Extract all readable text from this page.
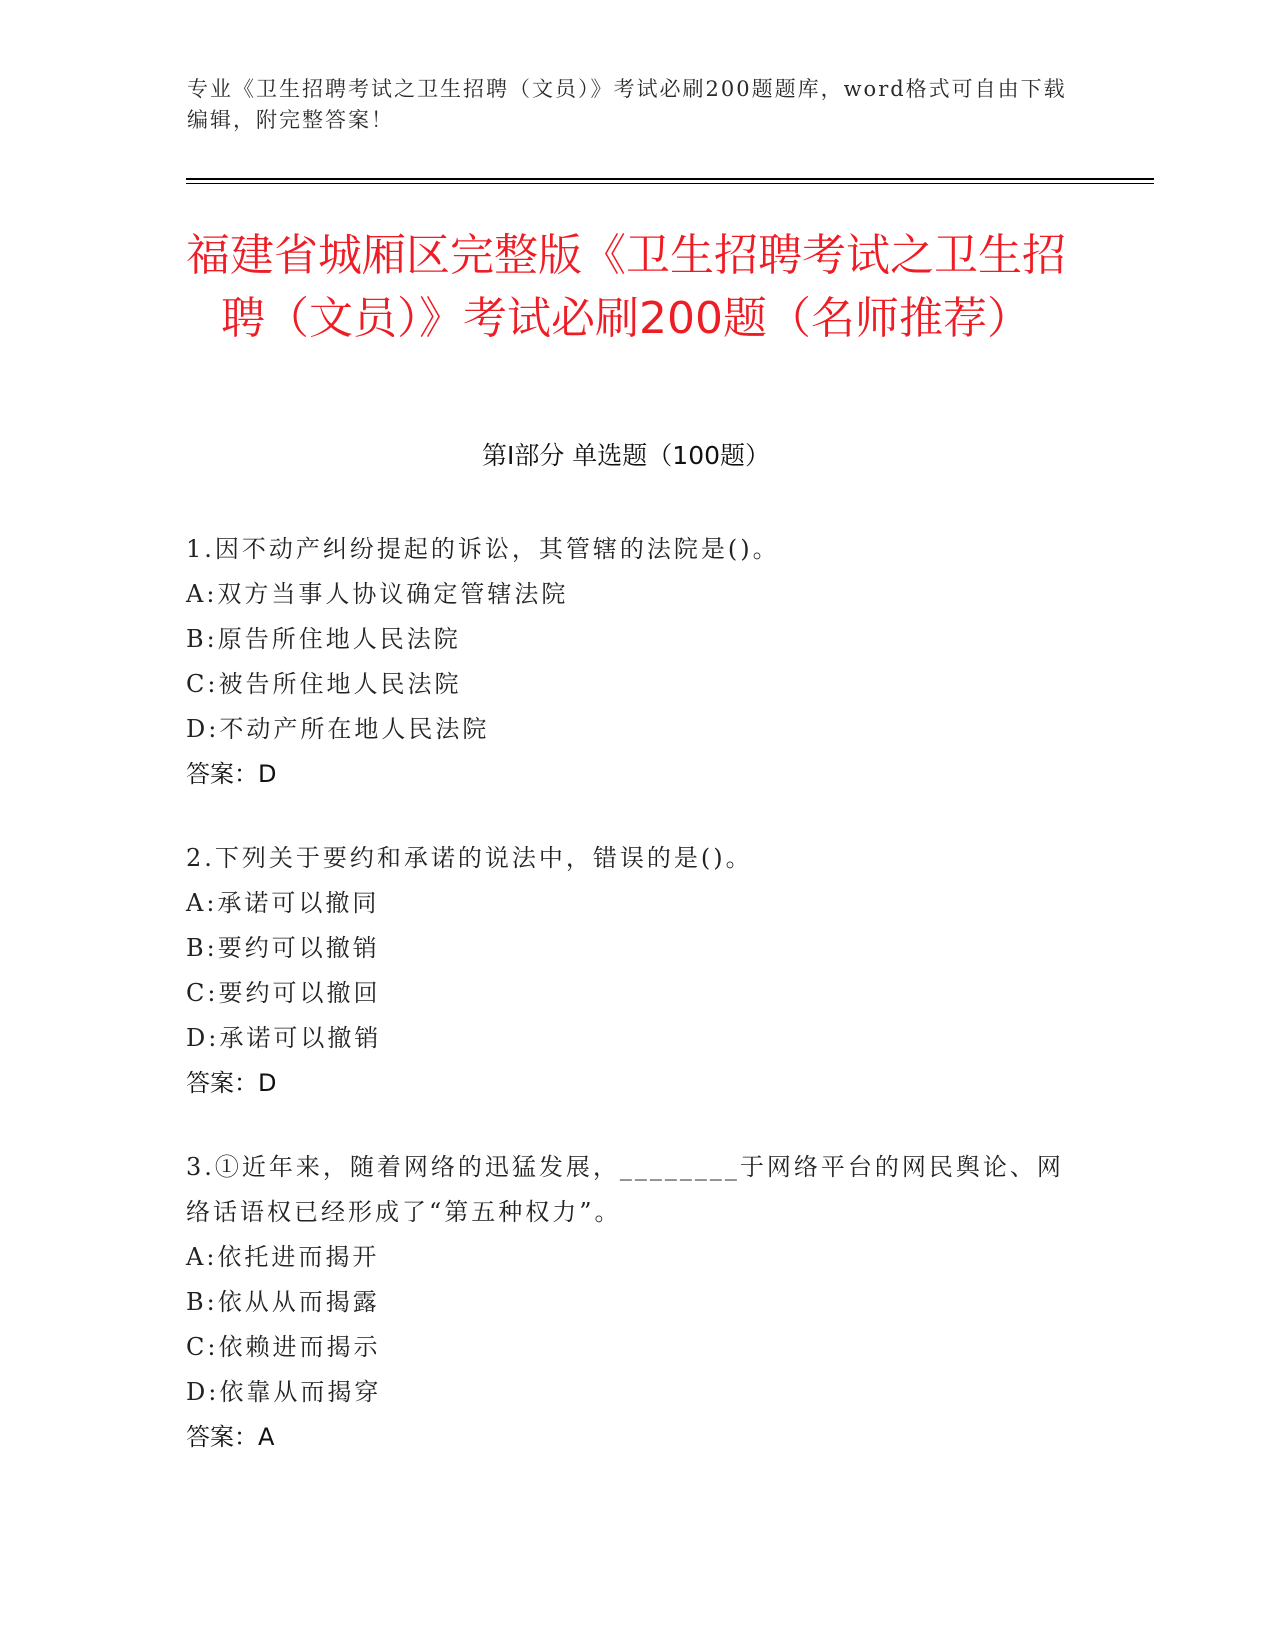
专业《卫生招聘考试之卫生招聘（文员）》考试必刷200题题库，word格式可自由下载编辑，附完整答案！
福建省城厢区完整版《卫生招聘考试之卫生招聘（文员）》考试必刷200题（名师推荐）
第I部分 单选题（100题）
1.因不动产纠纷提起的诉讼，其管辖的法院是()。
A:双方当事人协议确定管辖法院
B:原告所住地人民法院
C:被告所住地人民法院
D:不动产所在地人民法院
答案：D
2.下列关于要约和承诺的说法中，错误的是()。
A:承诺可以撤同
B:要约可以撤销
C:要约可以撤回
D:承诺可以撤销
答案：D
3.①近年来，随着网络的迅猛发展，________于网络平台的网民舆论、网络话语权已经形成了“第五种权力”。
A:依托进而揭开
B:依从从而揭露
C:依赖进而揭示
D:依靠从而揭穿
答案：A
